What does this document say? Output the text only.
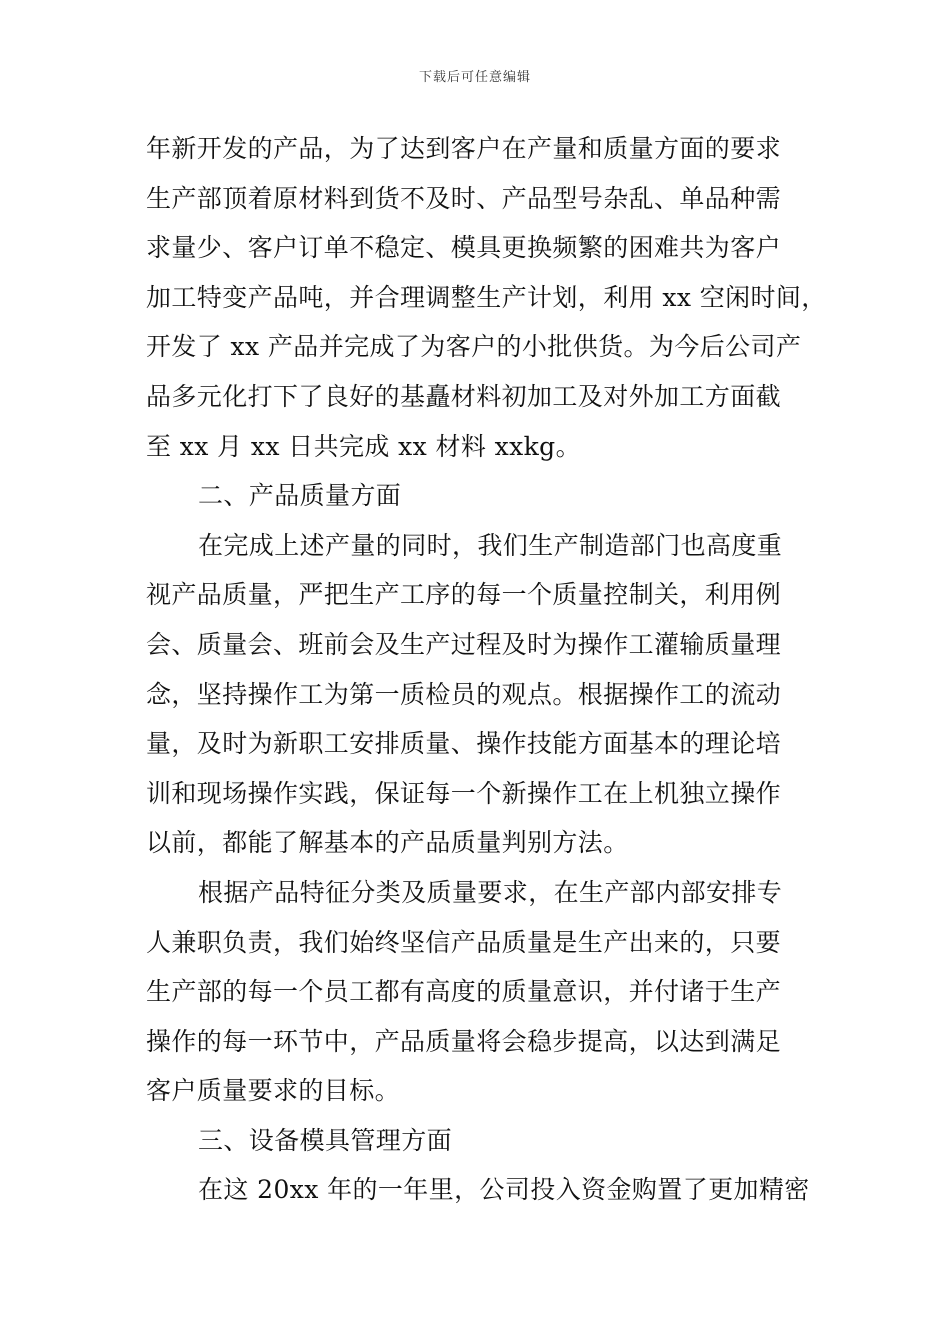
下载后可任意编辑
年新开发的产品，为了达到客户在产量和质量方面的要求
生产部顶着原材料到货不及时、产品型号杂乱、单品种需
求量少、客户订单不稳定、模具更换频繁的困难共为客户
加工特变产品吨，并合理调整生产计划，利用 xx 空闲时间，
开发了 xx 产品并完成了为客户的小批供货。为今后公司产
品多元化打下了良好的基矗材料初加工及对外加工方面截
至 xx 月 xx 日共完成 xx 材料 xxkg。
二、产品质量方面
在完成上述产量的同时，我们生产制造部门也高度重
视产品质量，严把生产工序的每一个质量控制关，利用例
会、质量会、班前会及生产过程及时为操作工灌输质量理
念，坚持操作工为第一质检员的观点。根据操作工的流动
量，及时为新职工安排质量、操作技能方面基本的理论培
训和现场操作实践，保证每一个新操作工在上机独立操作
以前，都能了解基本的产品质量判别方法。
根据产品特征分类及质量要求，在生产部内部安排专
人兼职负责，我们始终坚信产品质量是生产出来的，只要
生产部的每一个员工都有高度的质量意识，并付诸于生产
操作的每一环节中，产品质量将会稳步提高，以达到满足
客户质量要求的目标。
三、设备模具管理方面
在这 20xx 年的一年里，公司投入资金购置了更加精密
